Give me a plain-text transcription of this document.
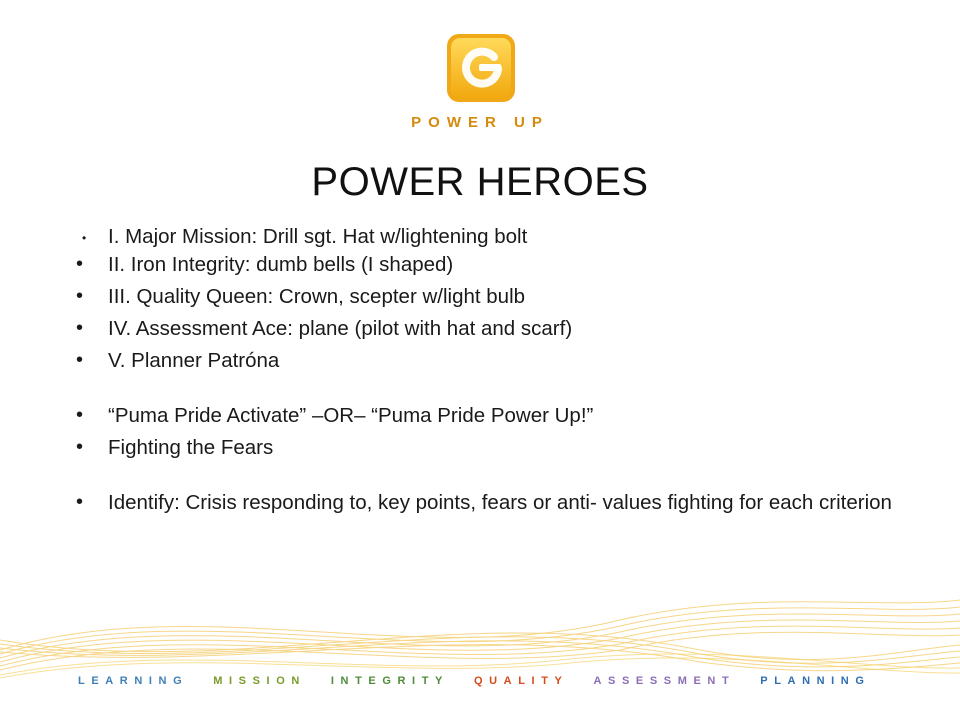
POWER UP
POWER HEROES
• I. Major Mission: Drill sgt. Hat w/lightening bolt
• II. Iron Integrity: dumb bells (I shaped)
• III. Quality Queen: Crown, scepter w/light bulb
• IV. Assessment Ace: plane (pilot with hat and scarf)
• V. Planner Patróna
• “Puma Pride Activate” –OR– “Puma Pride Power Up!”
• Fighting the Fears
• Identify: Crisis responding to, key points, fears or anti- values fighting for each criterion
LEARNING MISSION INTEGRITY QUALITY ASSESSMENT PLANNING
